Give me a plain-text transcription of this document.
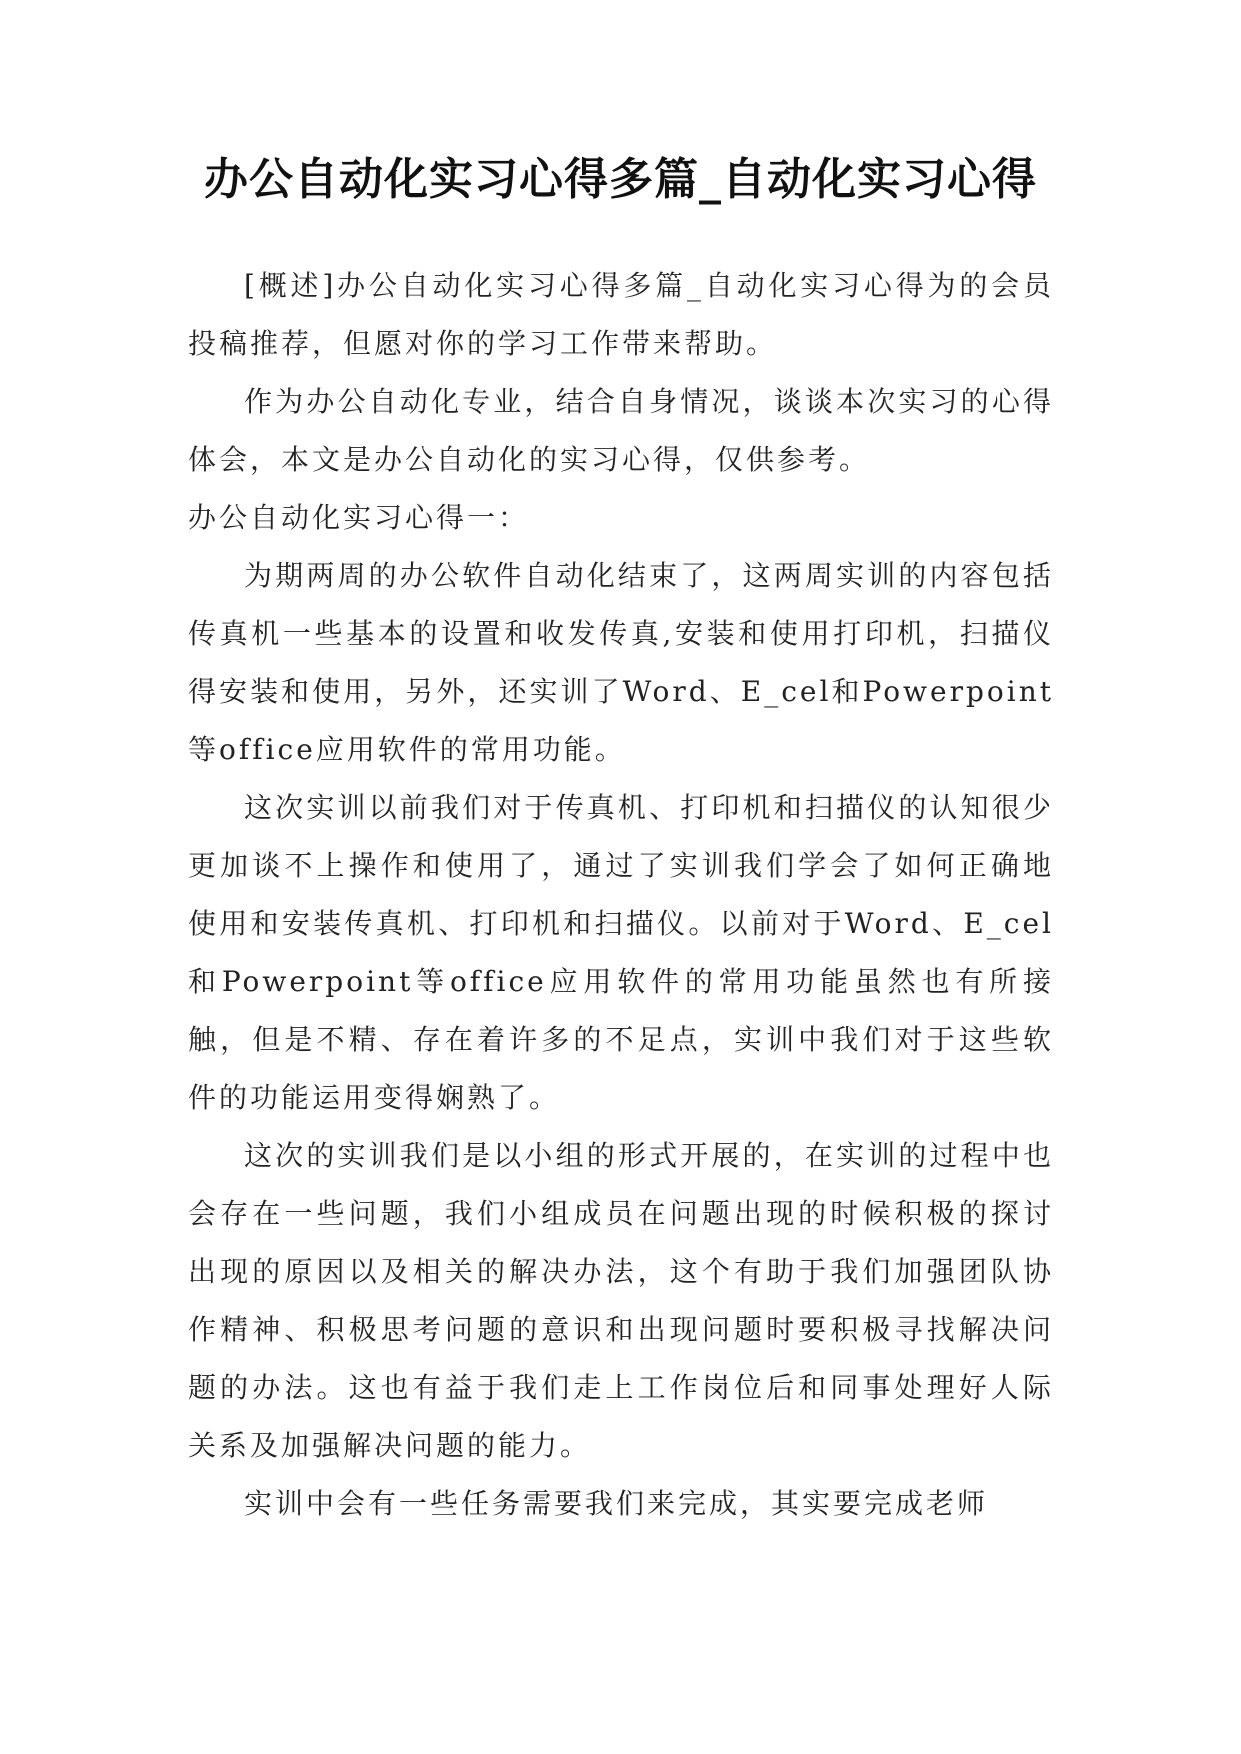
办公自动化实习心得多篇_自动化实习心得

[概述]办公自动化实习心得多篇_自动化实习心得为的会员投稿推荐，但愿对你的学习工作带来帮助。

作为办公自动化专业，结合自身情况，谈谈本次实习的心得体会，本文是办公自动化的实习心得，仅供参考。

办公自动化实习心得一：

为期两周的办公软件自动化结束了，这两周实训的内容包括传真机一些基本的设置和收发传真,安装和使用打印机，扫描仪得安装和使用，另外，还实训了Word、E_cel和Powerpoint等office应用软件的常用功能。

这次实训以前我们对于传真机、打印机和扫描仪的认知很少更加谈不上操作和使用了，通过了实训我们学会了如何正确地使用和安装传真机、打印机和扫描仪。以前对于Word、E_cel和Powerpoint等office应用软件的常用功能虽然也有所接触，但是不精、存在着许多的不足点，实训中我们对于这些软件的功能运用变得娴熟了。

这次的实训我们是以小组的形式开展的，在实训的过程中也会存在一些问题，我们小组成员在问题出现的时候积极的探讨出现的原因以及相关的解决办法，这个有助于我们加强团队协作精神、积极思考问题的意识和出现问题时要积极寻找解决问题的办法。这也有益于我们走上工作岗位后和同事处理好人际关系及加强解决问题的能力。

实训中会有一些任务需要我们来完成，其实要完成老师
